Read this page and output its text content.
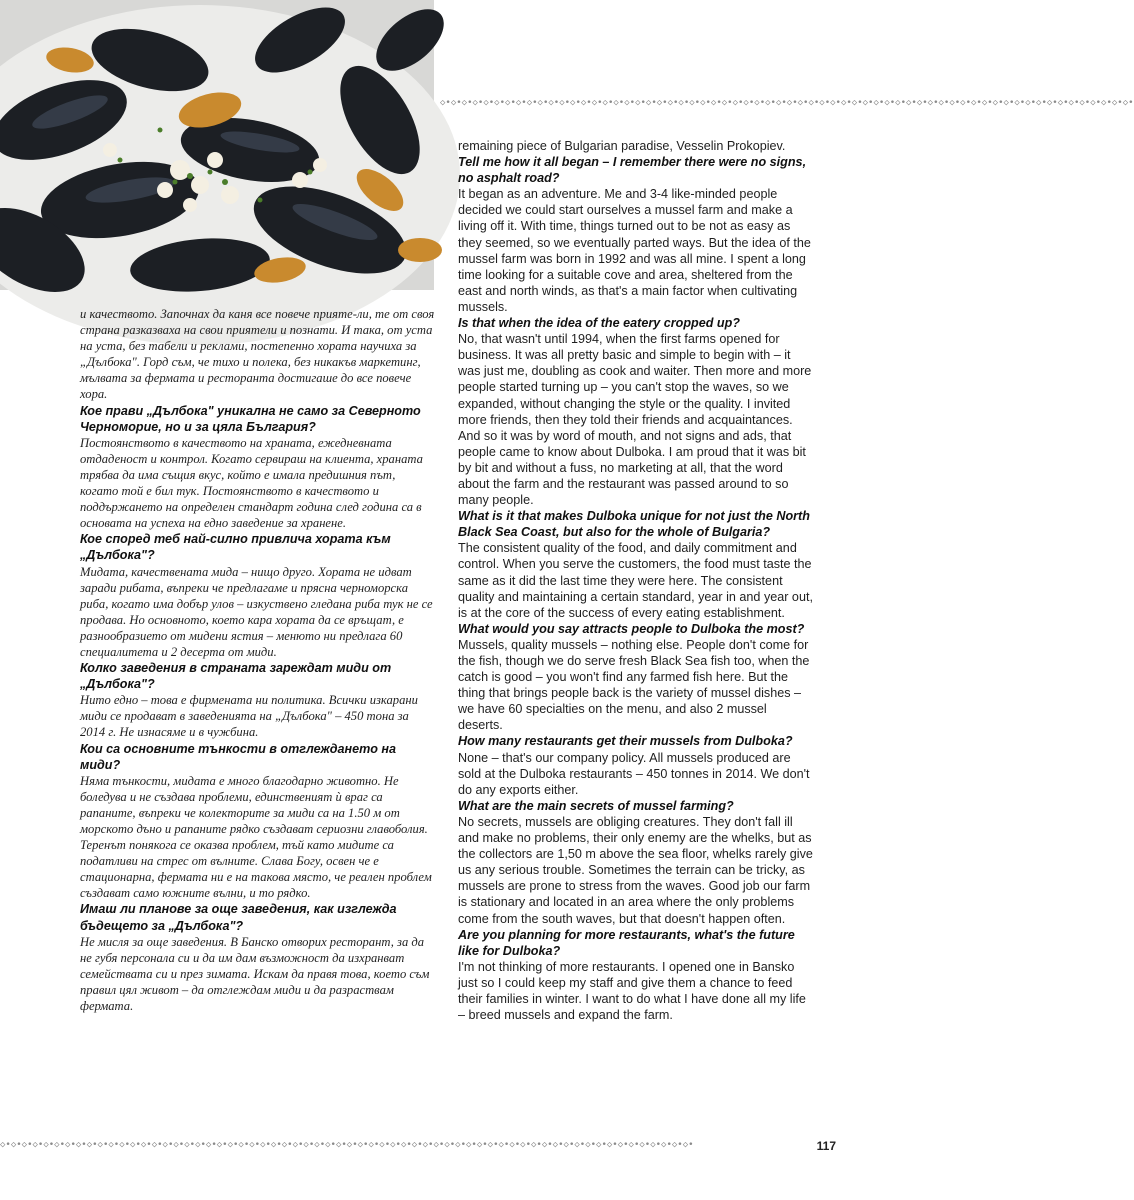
◇•◇•◇•◇•◇•◇•◇•◇•◇•◇•◇•◇•◇•◇•◇•◇•◇•◇•◇•◇•◇•◇•◇•◇•◇•◇•◇•◇•◇•◇•◇•◇•◇•◇•◇•◇•◇•◇•◇•◇•◇•◇•◇•◇•◇•◇•◇•◇•◇•◇•◇•◇•◇•◇•◇•◇•◇•◇•◇•◇•◇•◇•◇•◇•

и качеството. Започнах да каня все повече прияте-ли, те от своя страна разказваха на свои приятели и познати. И така, от уста на уста, без табели и реклами, постепенно хората научиха за „Дълбока". Горд съм, че тихо и полека, без никакъв маркетинг, мълвата за фермата и ресторанта достигаше до все повече хора.

Кое прави „Дълбока" уникална не само за Северното Черноморие, но и за цяла България?

Постоянството в качеството на храната, ежедневната отдаденост и контрол. Когато сервираш на клиента, храната трябва да има същия вкус, който е имала предишния път, когато той е бил тук. Постоянството в качеството и поддържането на определен стандарт година след година са в основата на успеха на едно заведение за хранене.

Кое според теб най-силно привлича хората към „Дълбока"?

Мидата, качествената мида – нищо друго. Хората не идват заради рибата, въпреки че предлагаме и прясна черноморска риба, когато има добър улов – изкуствено гледана риба тук не се продава. Но основното, което кара хората да се връщат, е разнообразието от мидени ястия – менюто ни предлага 60 специалитета и 2 десерта от миди.

Колко заведения в страната зареждат миди от „Дълбока"?

Нито едно – това е фирмената ни политика. Всички изкарани миди се продават в заведенията на „Дълбока" – 450 тона за 2014 г. Не изнасяме и в чужбина.

Кои са основните тънкости в отглеждането на миди?

Няма тънкости, мидата е много благодарно животно. Не боледува и не създава проблеми, единственият ѝ враг са рапаните, въпреки че колекторите за миди са на 1.50 м от морското дъно и рапаните рядко създават сериозни главоболия. Теренът понякога се оказва проблем, тъй като мидите са податливи на стрес от вълните. Слава Богу, освен че е стационарна, фермата ни е на такова място, че реален проблем създават само южните вълни, и то рядко.

Имаш ли планове за още заведения, как изглежда бъдещето за „Дълбока"?

Не мисля за още заведения. В Банско отворих ресторант, за да не губя персонала си и да им дам възможност да изхранват семействата си и през зимата. Искам да правя това, което съм правил цял живот – да отглеждам миди и да разраствам фермата.

remaining piece of Bulgarian paradise, Vesselin Prokopiev.

Tell me how it all began – I remember there were no signs, no asphalt road?

It began as an adventure. Me and 3-4 like-minded people decided we could start ourselves a mussel farm and make a living off it. With time, things turned out to be not as easy as they seemed, so we eventually parted ways. But the idea of the mussel farm was born in 1992 and was all mine. I spent a long time looking for a suitable cove and area, sheltered from the east and north winds, as that's a main factor when cultivating mussels.

Is that when the idea of the eatery cropped up?

No, that wasn't until 1994, when the first farms opened for business. It was all pretty basic and simple to begin with – it was just me, doubling as cook and waiter. Then more and more people started turning up – you can't stop the waves, so we expanded, without changing the style or the quality. I invited more friends, then they told their friends and acquaintances. And so it was by word of mouth, and not signs and ads, that people came to know about Dulboka. I am proud that it was bit by bit and without a fuss, no marketing at all, that the word about the farm and the restaurant was passed around to so many people.

What is it that makes Dulboka unique for not just the North Black Sea Coast, but also for the whole of Bulgaria?

The consistent quality of the food, and daily commitment and control. When you serve the customers, the food must taste the same as it did the last time they were here. The consistent quality and maintaining a certain standard, year in and year out, is at the core of the success of every eating establishment.

What would you say attracts people to Dulboka the most?

Mussels, quality mussels – nothing else. People don't come for the fish, though we do serve fresh Black Sea fish too, when the catch is good – you won't find any farmed fish here. But the thing that brings people back is the variety of mussel dishes – we have 60 specialties on the menu, and also 2 mussel deserts.

How many restaurants get their mussels from Dulboka?

None – that's our company policy. All mussels produced are sold at the Dulboka restaurants – 450 tonnes in 2014. We don't do any exports either.

What are the main secrets of mussel farming?

No secrets, mussels are obliging creatures. They don't fall ill and make no problems, their only enemy are the whelks, but as the collectors are 1,50 m above the sea floor, whelks rarely give us any serious trouble. Sometimes the terrain can be tricky, as mussels are prone to stress from the waves. Good job our farm is stationary and located in an area where the only problems come from the south waves, but that doesn't happen often.

Are you planning for more restaurants, what's the future like for Dulboka?

I'm not thinking of more restaurants. I opened one in Bansko just so I could keep my staff and give them a chance to feed their families in winter. I want to do what I have done all my life – breed mussels and expand the farm.

◇•◇•◇•◇•◇•◇•◇•◇•◇•◇•◇•◇•◇•◇•◇•◇•◇•◇•◇•◇•◇•◇•◇•◇•◇•◇•◇•◇•◇•◇•◇•◇•◇•◇•◇•◇•◇•◇•◇•◇•◇•◇•◇•◇•◇•◇•◇•◇•◇•◇•◇•◇•◇•◇•◇•◇•◇•◇•◇•◇•◇•◇•◇•◇•	117
